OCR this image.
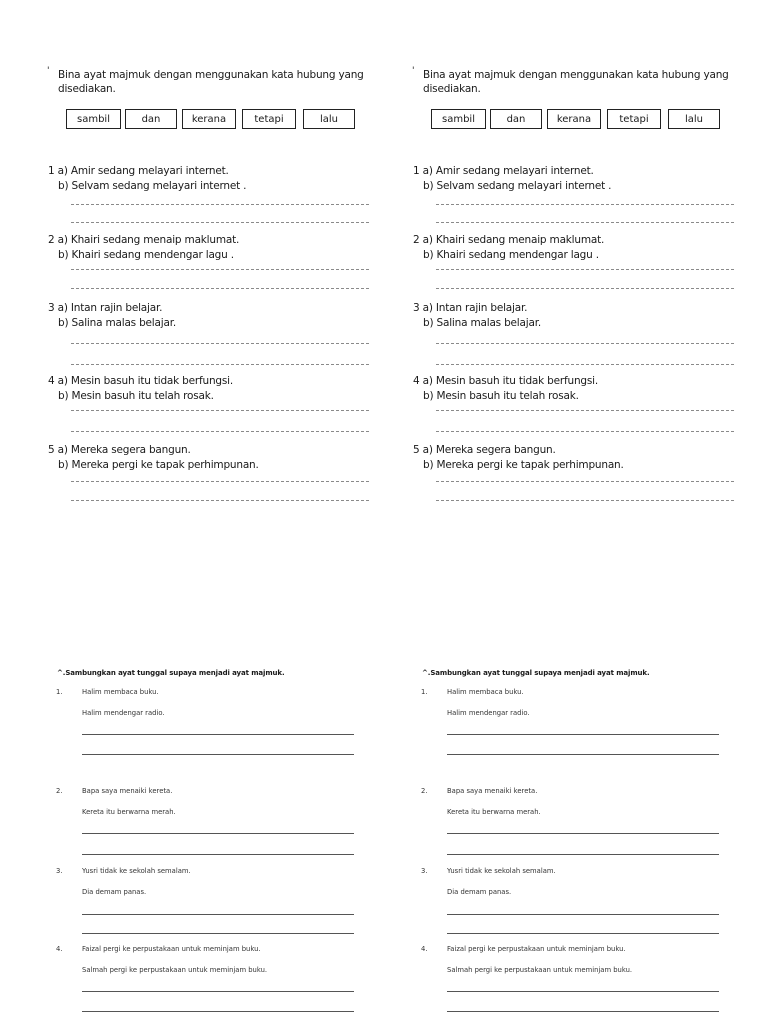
' Bina ayat majmuk dengan menggunakan kata hubung yang disediakan.
sambil	dan	kerana	tetapi	lalu
1 a) Amir sedang melayari internet.
b) Selvam sedang melayari internet .
2 a) Khairi sedang menaip maklumat.
b) Khairi sedang mendengar lagu .
3 a) Intan rajin belajar.
b) Salina malas belajar.
4 a) Mesin basuh itu tidak berfungsi.
b) Mesin basuh itu telah rosak.
5 a) Mereka segera bangun.
b) Mereka pergi ke tapak perhimpunan.
' Bina ayat majmuk dengan menggunakan kata hubung yang disediakan.
sambil	dan	kerana	tetapi	lalu
1 a) Amir sedang melayari internet.
b) Selvam sedang melayari internet .
2 a) Khairi sedang menaip maklumat.
b) Khairi sedang mendengar lagu .
3 a) Intan rajin belajar.
b) Salina malas belajar.
4 a) Mesin basuh itu tidak berfungsi.
b) Mesin basuh itu telah rosak.
5 a) Mereka segera bangun.
b) Mereka pergi ke tapak perhimpunan.
^.Sambungkan ayat tunggal supaya menjadi ayat majmuk.
1.	Halim membaca buku.
Halim mendengar radio.
2.	Bapa saya menaiki kereta.
Kereta itu berwarna merah.
3.	Yusri tidak ke sekolah semalam.
Dia demam panas.
4.	Faizal pergi ke perpustakaan untuk meminjam buku.
Salmah pergi ke perpustakaan untuk meminjam buku.
^.Sambungkan ayat tunggal supaya menjadi ayat majmuk.
1.	Halim membaca buku.
Halim mendengar radio.
2.	Bapa saya menaiki kereta.
Kereta itu berwarna merah.
3.	Yusri tidak ke sekolah semalam.
Dia demam panas.
4.	Faizal pergi ke perpustakaan untuk meminjam buku.
Salmah pergi ke perpustakaan untuk meminjam buku.
